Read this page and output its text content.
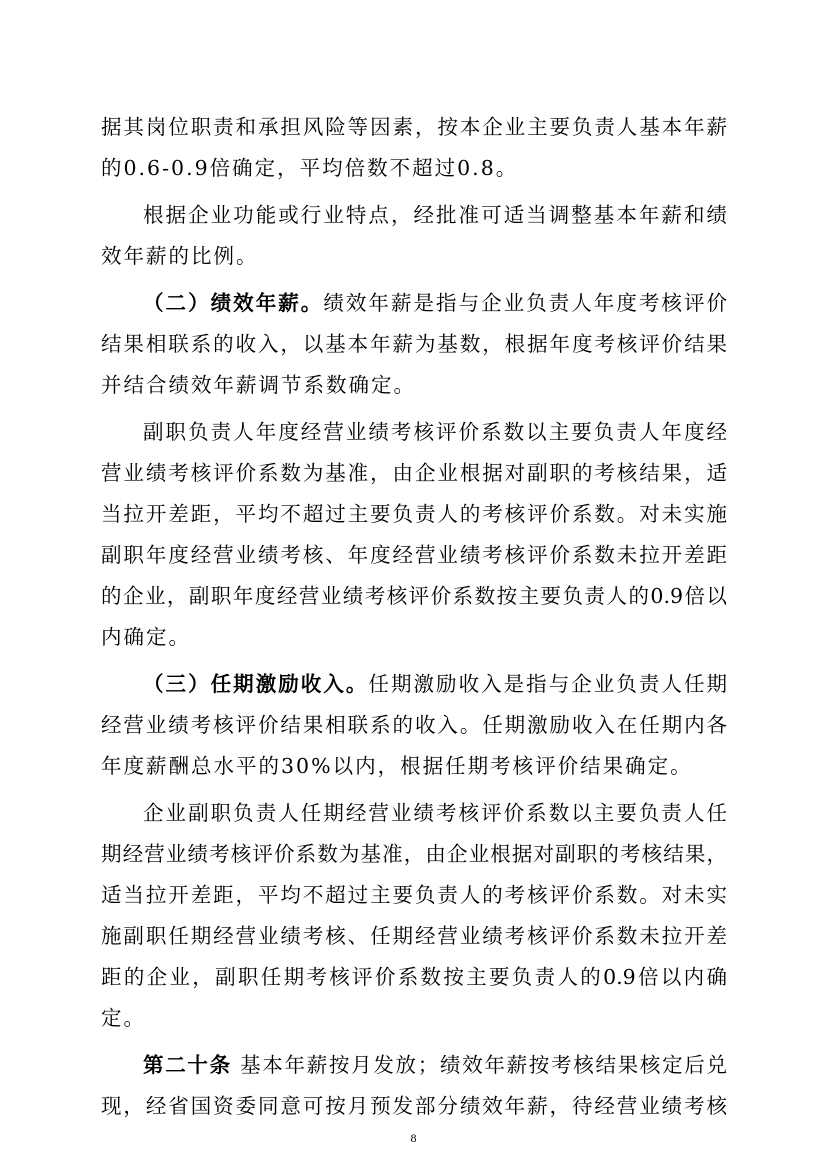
据其岗位职责和承担风险等因素，按本企业主要负责人基本年薪
的0.6-0.9倍确定，平均倍数不超过0.8。
根据企业功能或行业特点，经批准可适当调整基本年薪和绩
效年薪的比例。
（二）绩效年薪。绩效年薪是指与企业负责人年度考核评价
结果相联系的收入，以基本年薪为基数，根据年度考核评价结果
并结合绩效年薪调节系数确定。
副职负责人年度经营业绩考核评价系数以主要负责人年度经
营业绩考核评价系数为基准，由企业根据对副职的考核结果，适
当拉开差距，平均不超过主要负责人的考核评价系数。对未实施
副职年度经营业绩考核、年度经营业绩考核评价系数未拉开差距
的企业，副职年度经营业绩考核评价系数按主要负责人的0.9倍以
内确定。
（三）任期激励收入。任期激励收入是指与企业负责人任期
经营业绩考核评价结果相联系的收入。任期激励收入在任期内各
年度薪酬总水平的30%以内，根据任期考核评价结果确定。
企业副职负责人任期经营业绩考核评价系数以主要负责人任
期经营业绩考核评价系数为基准，由企业根据对副职的考核结果，
适当拉开差距，平均不超过主要负责人的考核评价系数。对未实
施副职任期经营业绩考核、任期经营业绩考核评价系数未拉开差
距的企业，副职任期考核评价系数按主要负责人的0.9倍以内确
定。
第二十条 基本年薪按月发放；绩效年薪按考核结果核定后兑
现，经省国资委同意可按月预发部分绩效年薪，待经营业绩考核
8
